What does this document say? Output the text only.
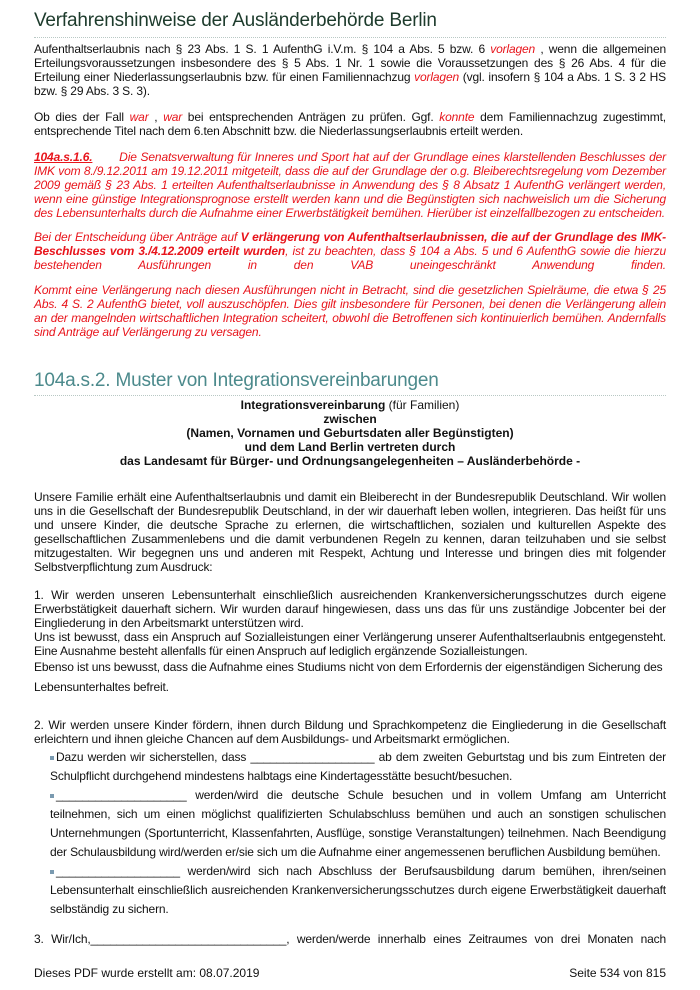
Verfahrenshinweise der Ausländerbehörde Berlin
Aufenthaltserlaubnis nach § 23 Abs. 1 S. 1 AufenthG i.V.m. § 104 a Abs. 5 bzw. 6 vorlagen , wenn die allgemeinen Erteilungsvoraussetzungen insbesondere des § 5 Abs. 1 Nr. 1 sowie die Voraussetzungen des § 26 Abs. 4 für die Erteilung einer Niederlassungserlaubnis bzw. für einen Familiennachzug vorlagen (vgl. insofern § 104 a Abs. 1 S. 3 2 HS bzw. § 29 Abs. 3 S. 3).
Ob dies der Fall war , war bei entsprechenden Anträgen zu prüfen. Ggf. konnte dem Familiennachzug zugestimmt, entsprechende Titel nach dem 6.ten Abschnitt bzw. die Niederlassungserlaubnis erteilt werden.
104a.s.1.6. Die Senatsverwaltung für Inneres und Sport hat auf der Grundlage eines klarstellenden Beschlusses der IMK vom 8./9.12.2011 am 19.12.2011 mitgeteilt, dass die auf der Grundlage der o.g. Bleiberechtsregelung vom Dezember 2009 gemäß § 23 Abs. 1 erteilten Aufenthaltserlaubnisse in Anwendung des § 8 Absatz 1 AufenthG verlängert werden, wenn eine günstige Integrationsprognose erstellt werden kann und die Begünstigten sich nachweislich um die Sicherung des Lebensunterhalts durch die Aufnahme einer Erwerbstätigkeit bemühen. Hierüber ist einzelfallbezogen zu entscheiden.
Bei der Entscheidung über Anträge auf V erlängerung von Aufenthaltserlaubnissen, die auf der Grundlage des IMK-Beschlusses vom 3./4.12.2009 erteilt wurden, ist zu beachten, dass § 104 a Abs. 5 und 6 AufenthG sowie die hierzu bestehenden Ausführungen in den VAB uneingeschränkt Anwendung finden.
Kommt eine Verlängerung nach diesen Ausführungen nicht in Betracht, sind die gesetzlichen Spielräume, die etwa § 25 Abs. 4 S. 2 AufenthG bietet, voll auszuschöpfen. Dies gilt insbesondere für Personen, bei denen die Verlängerung allein an der mangelnden wirtschaftlichen Integration scheitert, obwohl die Betroffenen sich kontinuierlich bemühen. Andernfalls sind Anträge auf Verlängerung zu versagen.
104a.s.2. Muster von Integrationsvereinbarungen
Integrationsvereinbarung (für Familien)
zwischen
(Namen, Vornamen und Geburtsdaten aller Begünstigten)
und dem Land Berlin vertreten durch
das Landesamt für Bürger- und Ordnungsangelegenheiten – Ausländerbehörde -
Unsere Familie erhält eine Aufenthaltserlaubnis und damit ein Bleiberecht in der Bundesrepublik Deutschland. Wir wollen uns in die Gesellschaft der Bundesrepublik Deutschland, in der wir dauerhaft leben wollen, integrieren. Das heißt für uns und unsere Kinder, die deutsche Sprache zu erlernen, die wirtschaftlichen, sozialen und kulturellen Aspekte des gesellschaftlichen Zusammenlebens und die damit verbundenen Regeln zu kennen, daran teilzuhaben und sie selbst mitzugestalten. Wir begegnen uns und anderen mit Respekt, Achtung und Interesse und bringen dies mit folgender Selbstverpflichtung zum Ausdruck:
1. Wir werden unseren Lebensunterhalt einschließlich ausreichenden Krankenversicherungsschutzes durch eigene Erwerbstätigkeit dauerhaft sichern. Wir wurden darauf hingewiesen, dass uns das für uns zuständige Jobcenter bei der Eingliederung in den Arbeitsmarkt unterstützen wird.
Uns ist bewusst, dass ein Anspruch auf Sozialleistungen einer Verlängerung unserer Aufenthaltserlaubnis entgegensteht. Eine Ausnahme besteht allenfalls für einen Anspruch auf lediglich ergänzende Sozialleistungen.
Ebenso ist uns bewusst, dass die Aufnahme eines Studiums nicht von dem Erfordernis der eigenständigen Sicherung des Lebensunterhaltes befreit.
2. Wir werden unsere Kinder fördern, ihnen durch Bildung und Sprachkompetenz die Eingliederung in die Gesellschaft erleichtern und ihnen gleiche Chancen auf dem Ausbildungs- und Arbeitsmarkt ermöglichen.
Dazu werden wir sicherstellen, dass ___________________ ab dem zweiten Geburtstag und bis zum Eintreten der Schulpflicht durchgehend mindestens halbtags eine Kindertagesstätte besucht/besuchen.
____________________ werden/wird die deutsche Schule besuchen und in vollem Umfang am Unterricht teilnehmen, sich um einen möglichst qualifizierten Schulabschluss bemühen und auch an sonstigen schulischen Unternehmungen (Sportunterricht, Klassenfahrten, Ausflüge, sonstige Veranstaltungen) teilnehmen. Nach Beendigung der Schulausbildung wird/werden er/sie sich um die Aufnahme einer angemessenen beruflichen Ausbildung bemühen.
___________________ werden/wird sich nach Abschluss der Berufsausbildung darum bemühen, ihren/seinen Lebensunterhalt einschließlich ausreichenden Krankenversicherungsschutzes durch eigene Erwerbstätigkeit dauerhaft selbständig zu sichern.
3. Wir/Ich,______________________________, werden/werde innerhalb eines Zeitraumes von drei Monaten nach
Dieses PDF wurde erstellt am: 08.07.2019	Seite 534 von 815
